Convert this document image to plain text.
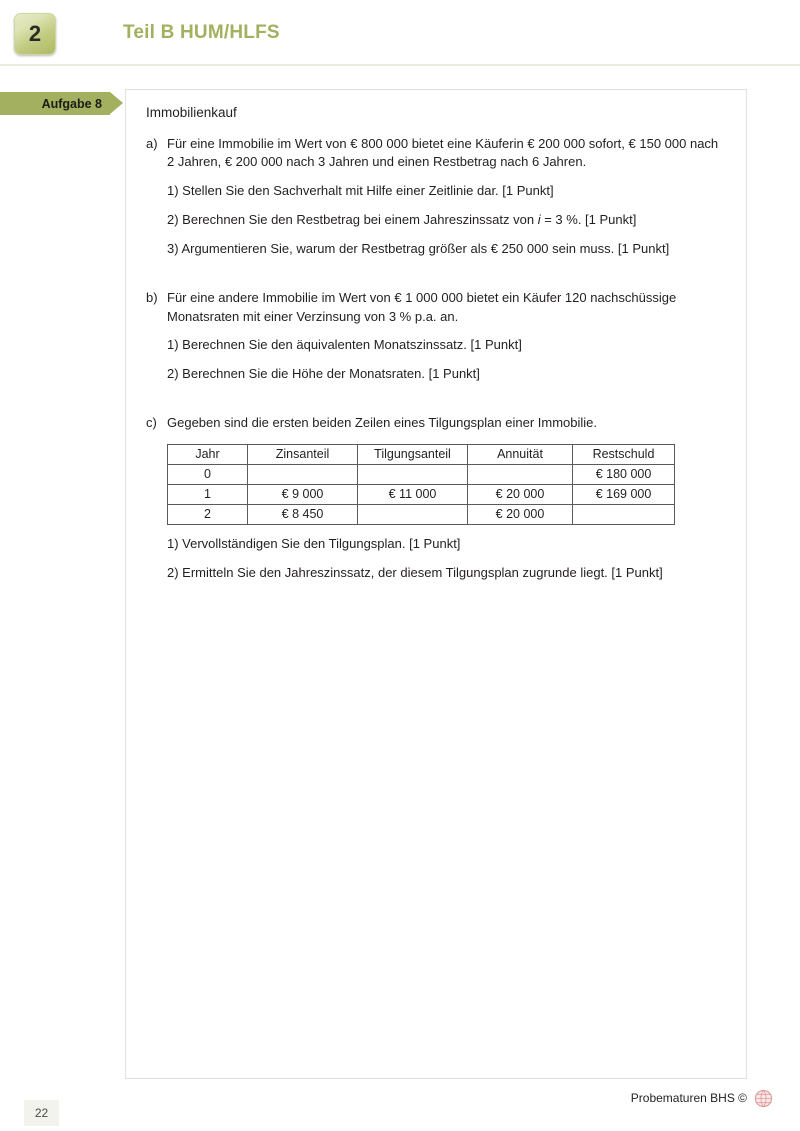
2	Teil B HUM/HLFS
Aufgabe 8
Immobilienkauf
a) Für eine Immobilie im Wert von € 800 000 bietet eine Käuferin € 200 000 sofort, € 150 000 nach 2 Jahren, € 200 000 nach 3 Jahren und einen Restbetrag nach 6 Jahren.
1) Stellen Sie den Sachverhalt mit Hilfe einer Zeitlinie dar. [1 Punkt]
2) Berechnen Sie den Restbetrag bei einem Jahreszinssatz von i = 3 %. [1 Punkt]
3) Argumentieren Sie, warum der Restbetrag größer als € 250 000 sein muss. [1 Punkt]
b) Für eine andere Immobilie im Wert von € 1 000 000 bietet ein Käufer 120 nachschüssige Monatsraten mit einer Verzinsung von 3 % p.a. an.
1) Berechnen Sie den äquivalenten Monatszinssatz. [1 Punkt]
2) Berechnen Sie die Höhe der Monatsraten. [1 Punkt]
c) Gegeben sind die ersten beiden Zeilen eines Tilgungsplan einer Immobilie.
Jahr	Zinsanteil	Tilgungsanteil	Annuität	Restschuld
0				€ 180 000
1	€ 9 000	€ 11 000	€ 20 000	€ 169 000
2	€ 8 450		€ 20 000	
1) Vervollständigen Sie den Tilgungsplan. [1 Punkt]
2) Ermitteln Sie den Jahreszinssatz, der diesem Tilgungsplan zugrunde liegt. [1 Punkt]
22
Probematuren BHS ©
